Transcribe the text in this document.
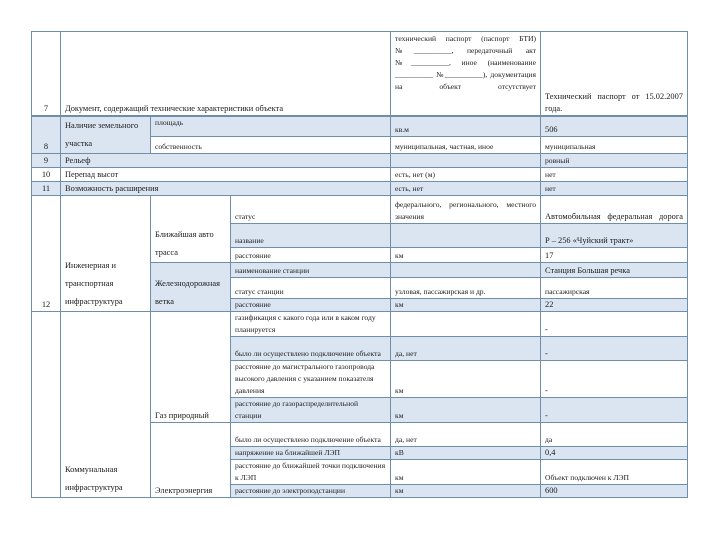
7	Документ, содержащий технические характеристики объекта			технический паспорт (паспорт БТИ) №__________, передаточный акт №__________, иное (наименование __________ №__________), документация на объект отсутствует	Технический паспорт от 15.02.2007 года.
8	Наличие земельного участка	площадь		кв.м	506
		собственность		муниципальная, частная, иное	муниципальная
9	Рельеф				ровный
10	Перепад высот			есть, нет (м)	нет
11	Возможность расширения			есть, нет	нет
12	Инженерная и транспортная инфраструктура	Ближайшая авто трасса	статус	федерального, регионального, местного значения	Автомобильная федеральная дорога
			название		Р – 256 «Чуйский тракт»
			расстояние	км	17
		Железнодорожная ветка	наименование станции		Станция Большая речка
			статус станции	узловая, пассажирская и др.	пассажирская
			расстояние	км	22
	Коммунальная инфраструктура	Газ природный	газификация с какого года или в каком году планируется		-
			было ли осуществлено подключение объекта	да, нет	-
			расстояние до магистрального газопровода высокого давления с указанием показателя давления	км	-
			расстояние до газораспределительной станции	км	-
		Электроэнергия	было ли осуществлено подключение объекта	да, нет	да
			напряжение на ближайшей ЛЭП	кВ	0,4
			расстояние до ближайшей точки подключения к ЛЭП	км	Объект подключен к ЛЭП
			расстояние до электроподстанции	км	600
